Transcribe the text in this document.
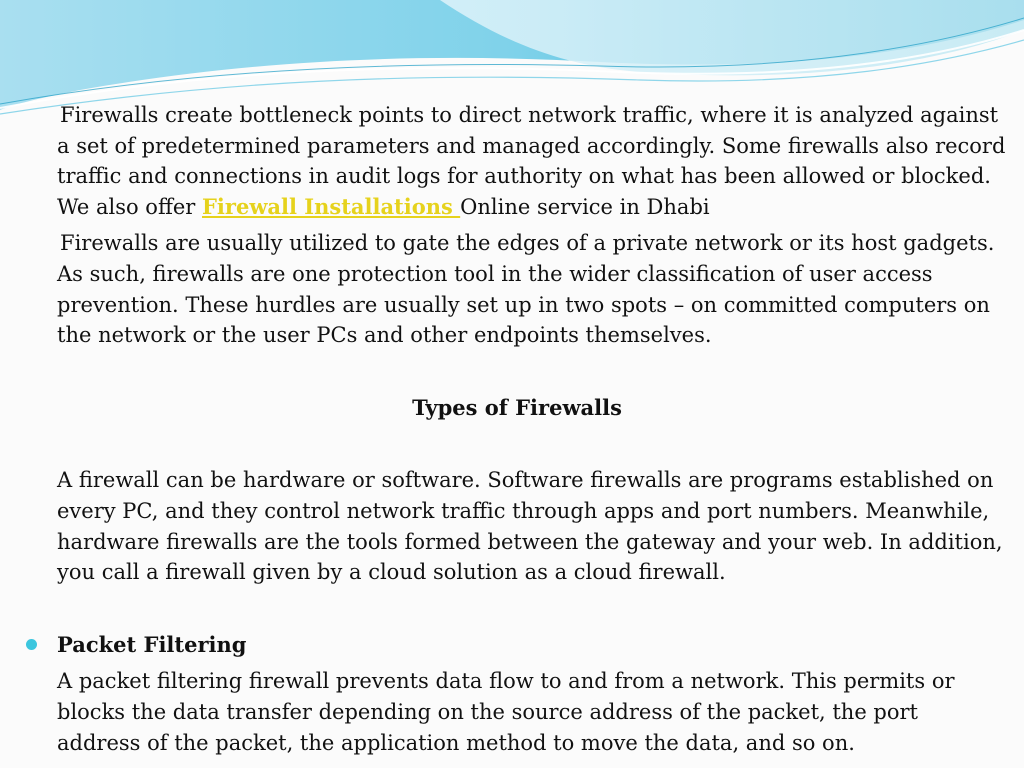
Firewalls create bottleneck points to direct network traffic, where it is analyzed against a set of predetermined parameters and managed accordingly. Some firewalls also record traffic and connections in audit logs for authority on what has been allowed or blocked. We also offer Firewall Installations Online service in Dhabi

Firewalls are usually utilized to gate the edges of a private network or its host gadgets. As such, firewalls are one protection tool in the wider classification of user access prevention. These hurdles are usually set up in two spots – on committed computers on the network or the user PCs and other endpoints themselves.

Types of Firewalls

A firewall can be hardware or software. Software firewalls are programs established on every PC, and they control network traffic through apps and port numbers. Meanwhile, hardware firewalls are the tools formed between the gateway and your web. In addition, you call a firewall given by a cloud solution as a cloud firewall.

Packet Filtering

A packet filtering firewall prevents data flow to and from a network. This permits or blocks the data transfer depending on the source address of the packet, the port address of the packet, the application method to move the data, and so on.
